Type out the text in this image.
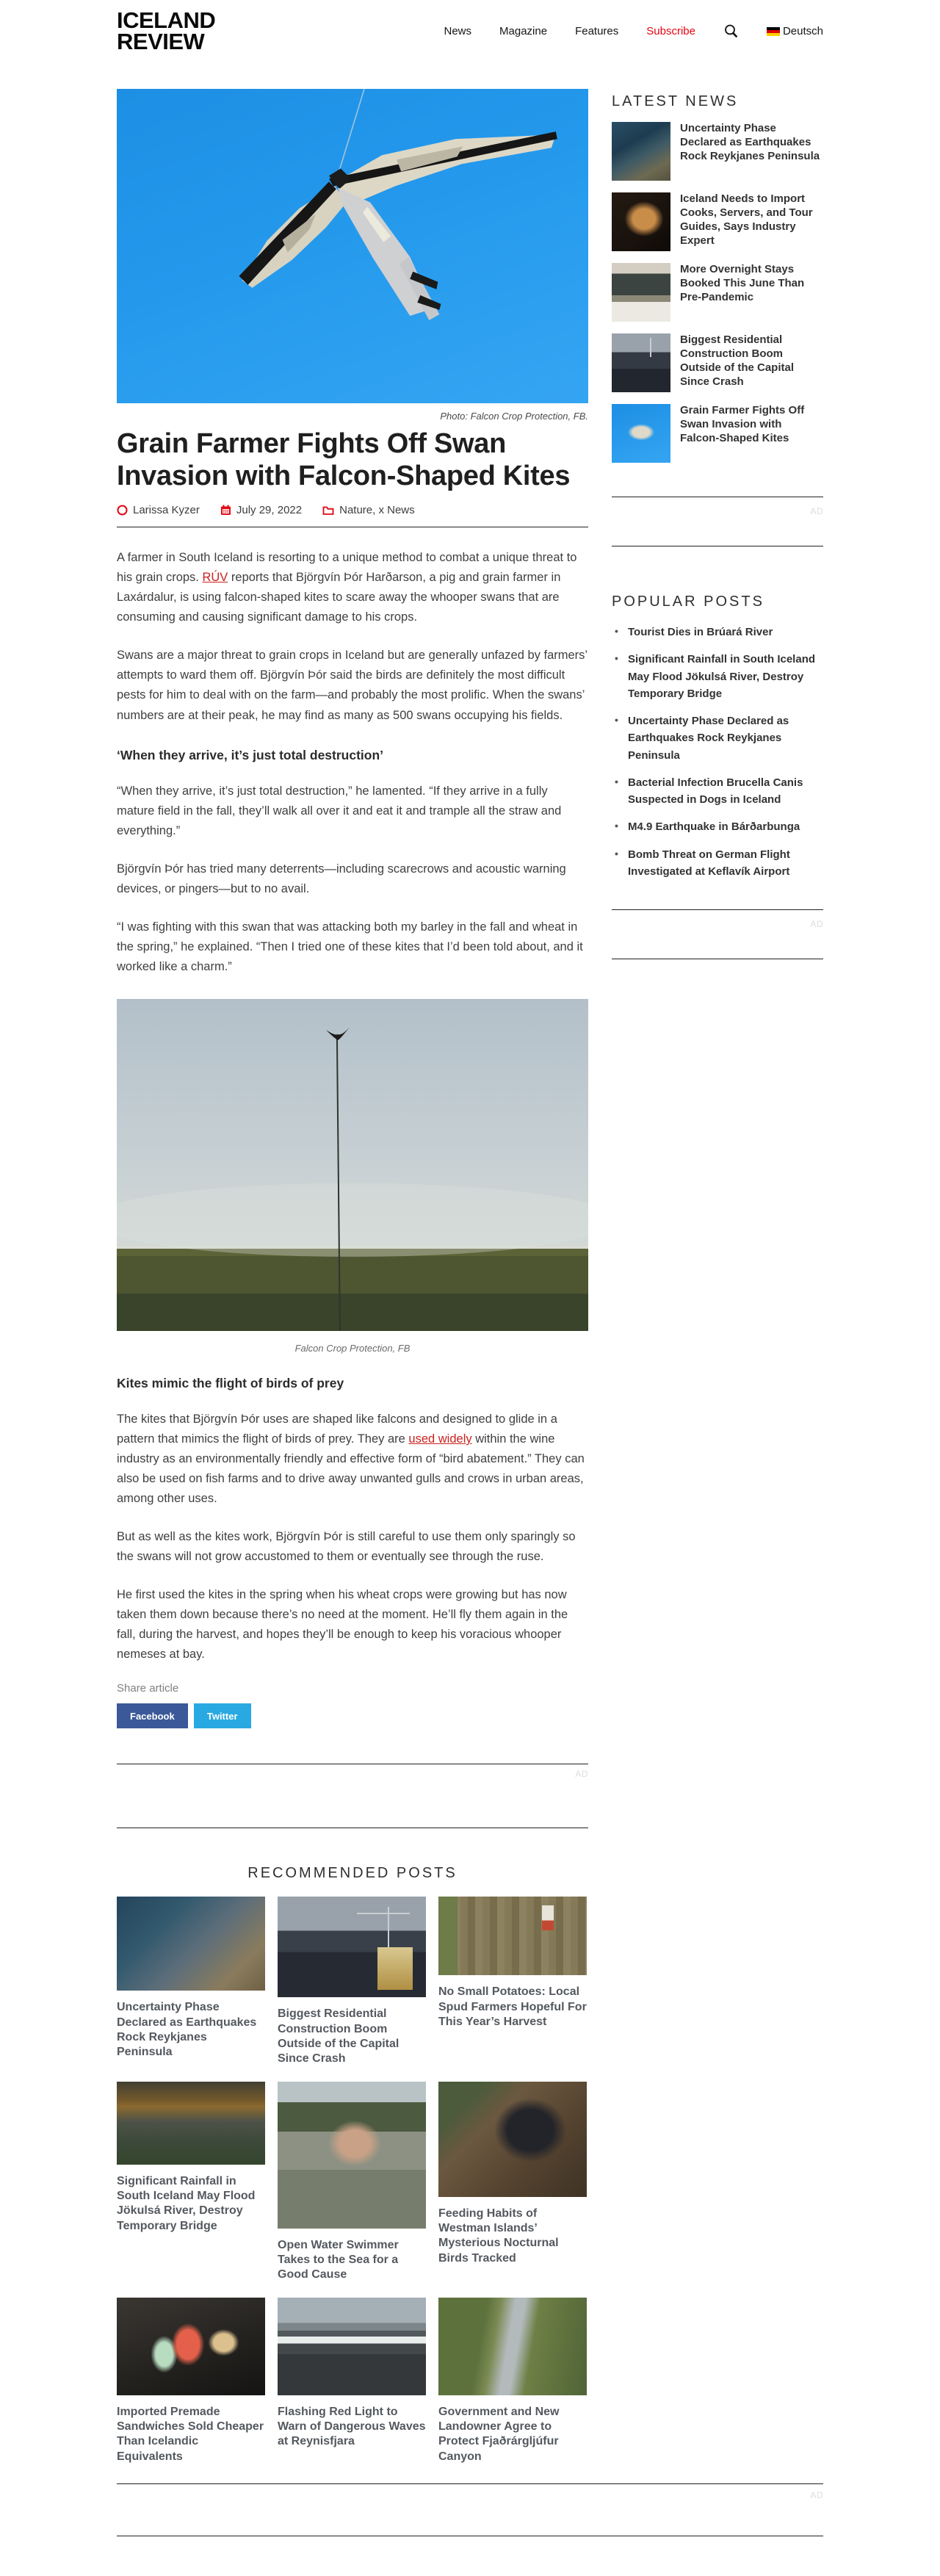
ICELAND
REVIEW	News	Magazine	Features	Subscribe	Deutsch
Photo: Falcon Crop Protection, FB.
Grain Farmer Fights Off Swan Invasion with Falcon-Shaped Kites
Larissa Kyzer	July 29, 2022	Nature, x News

A farmer in South Iceland is resorting to a unique method to combat a unique threat to his grain crops. RÚV reports that Björgvín Þór Harðarson, a pig and grain farmer in Laxárdalur, is using falcon-shaped kites to scare away the whooper swans that are consuming and causing significant damage to his crops.

Swans are a major threat to grain crops in Iceland but are generally unfazed by farmers’ attempts to ward them off. Björgvín Þór said the birds are definitely the most difficult pests for him to deal with on the farm—and probably the most prolific. When the swans’ numbers are at their peak, he may find as many as 500 swans occupying his fields.

‘When they arrive, it’s just total destruction’

“When they arrive, it’s just total destruction,” he lamented. “If they arrive in a fully mature field in the fall, they’ll walk all over it and eat it and trample all the straw and everything.”

Björgvín Þór has tried many deterrents—including scarecrows and acoustic warning devices, or pingers—but to no avail.

“I was fighting with this swan that was attacking both my barley in the fall and wheat in the spring,” he explained. “Then I tried one of these kites that I’d been told about, and it worked like a charm.”

Falcon Crop Protection, FB
Kites mimic the flight of birds of prey

The kites that Björgvín Þór uses are shaped like falcons and designed to glide in a pattern that mimics the flight of birds of prey. They are used widely within the wine industry as an environmentally friendly and effective form of “bird abatement.” They can also be used on fish farms and to drive away unwanted gulls and crows in urban areas, among other uses.

But as well as the kites work, Björgvín Þór is still careful to use them only sparingly so the swans will not grow accustomed to them or eventually see through the ruse.

He first used the kites in the spring when his wheat crops were growing but has now taken them down because there’s no need at the moment. He’ll fly them again in the fall, during the harvest, and hopes they’ll be enough to keep his voracious whooper nemeses at bay.

Share article
Facebook	Twitter
AD
RECOMMENDED POSTS
Uncertainty Phase Declared as Earthquakes Rock Reykjanes Peninsula
Biggest Residential Construction Boom Outside of the Capital Since Crash
No Small Potatoes: Local Spud Farmers Hopeful For This Year’s Harvest
Significant Rainfall in South Iceland May Flood Jökulsá River, Destroy Temporary Bridge
Open Water Swimmer Takes to the Sea for a Good Cause
Feeding Habits of Westman Islands’ Mysterious Nocturnal Birds Tracked
Imported Premade Sandwiches Sold Cheaper Than Icelandic Equivalents
Flashing Red Light to Warn of Dangerous Waves at Reynisfjara
Government and New Landowner Agree to Protect Fjaðrárgljúfur Canyon
LATEST NEWS
Uncertainty Phase Declared as Earthquakes Rock Reykjanes Peninsula
Iceland Needs to Import Cooks, Servers, and Tour Guides, Says Industry Expert
More Overnight Stays Booked This June Than Pre-Pandemic
Biggest Residential Construction Boom Outside of the Capital Since Crash
Grain Farmer Fights Off Swan Invasion with Falcon-Shaped Kites
AD
POPULAR POSTS
• Tourist Dies in Brúará River
• Significant Rainfall in South Iceland May Flood Jökulsá River, Destroy Temporary Bridge
• Uncertainty Phase Declared as Earthquakes Rock Reykjanes Peninsula
• Bacterial Infection Brucella Canis Suspected in Dogs in Iceland
• M4.9 Earthquake in Bárðarbunga
• Bomb Threat on German Flight Investigated at Keflavík Airport
AD
AD
